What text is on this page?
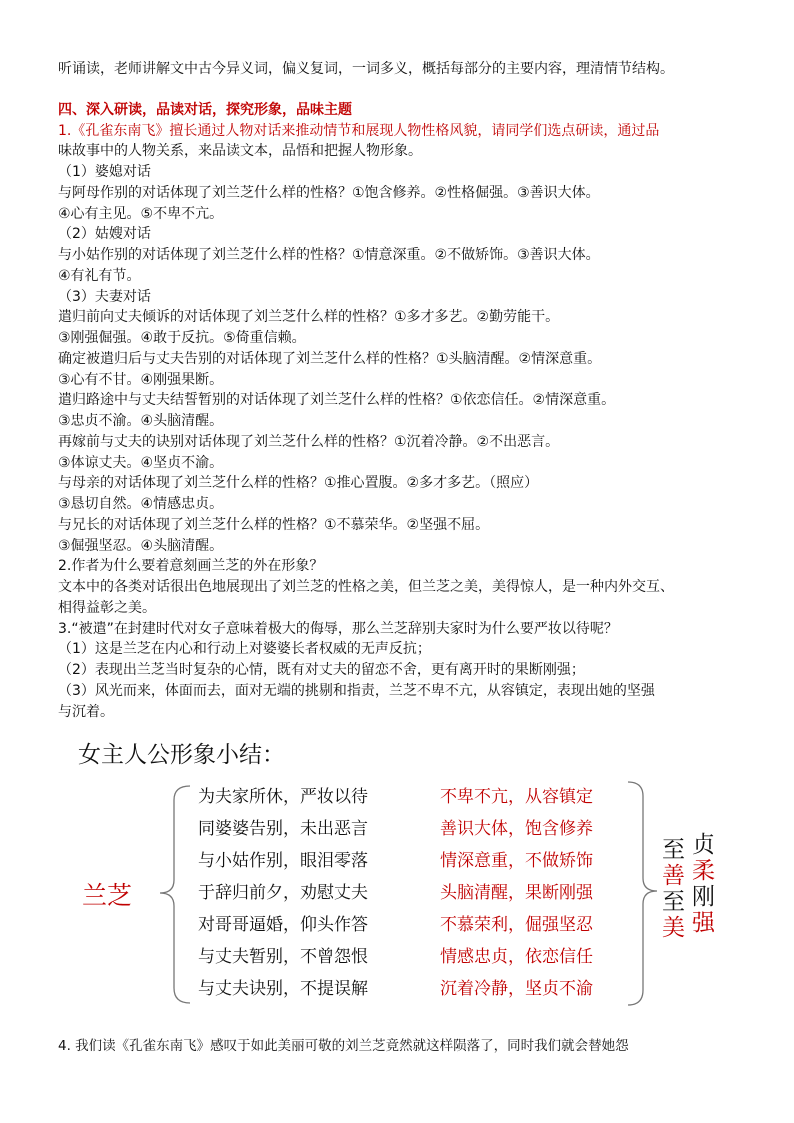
听诵读，老师讲解文中古今异义词，偏义复词，一词多义，概括每部分的主要内容，理清情节结构。
四、深入研读，品读对话，探究形象，品味主题
1.《孔雀东南飞》擅长通过人物对话来推动情节和展现人物性格风貌，请同学们选点研读，通过品
味故事中的人物关系，来品读文本，品悟和把握人物形象。
（1）婆媳对话
与阿母作别的对话体现了刘兰芝什么样的性格？①饱含修养。②性格倔强。③善识大体。
④心有主见。⑤不卑不亢。
（2）姑嫂对话
与小姑作别的对话体现了刘兰芝什么样的性格？①情意深重。②不做矫饰。③善识大体。
④有礼有节。
（3）夫妻对话
遣归前向丈夫倾诉的对话体现了刘兰芝什么样的性格？①多才多艺。②勤劳能干。
③刚强倔强。④敢于反抗。⑤倚重信赖。
确定被遣归后与丈夫告别的对话体现了刘兰芝什么样的性格？①头脑清醒。②情深意重。
③心有不甘。④刚强果断。
遣归路途中与丈夫结誓暂别的对话体现了刘兰芝什么样的性格？①依恋信任。②情深意重。
③忠贞不渝。④头脑清醒。
再嫁前与丈夫的诀别对话体现了刘兰芝什么样的性格？①沉着冷静。②不出恶言。
③体谅丈夫。④坚贞不渝。
与母亲的对话体现了刘兰芝什么样的性格？①推心置腹。②多才多艺。（照应）
③恳切自然。④情感忠贞。
与兄长的对话体现了刘兰芝什么样的性格？①不慕荣华。②坚强不屈。
③倔强坚忍。④头脑清醒。
2.作者为什么要着意刻画兰芝的外在形象？
文本中的各类对话很出色地展现出了刘兰芝的性格之美，但兰芝之美，美得惊人，是一种内外交互、
相得益彰之美。
3.“被遣”在封建时代对女子意味着极大的侮辱，那么兰芝辞别夫家时为什么要严妆以待呢？
（1）这是兰芝在内心和行动上对婆婆长者权威的无声反抗；
（2）表现出兰芝当时复杂的心情，既有对丈夫的留恋不舍，更有离开时的果断刚强；
（3）风光而来，体面而去，面对无端的挑剔和指责，兰芝不卑不亢，从容镇定，表现出她的坚强
与沉着。
女主人公形象小结：
兰芝
为夫家所休，严妆以待
同婆婆告别，未出恶言
与小姑作别，眼泪零落
于辞归前夕，劝慰丈夫
对哥哥逼婚，仰头作答
与丈夫暂别，不曾怨恨
与丈夫诀别，不提误解
不卑不亢，从容镇定
善识大体，饱含修养
情深意重，不做矫饰
头脑清醒，果断刚强
不慕荣利，倔强坚忍
情感忠贞，依恋信任
沉着冷静，坚贞不渝
至
善
至
美
贞
柔
刚
强
4. 我们读《孔雀东南飞》感叹于如此美丽可敬的刘兰芝竟然就这样陨落了，同时我们就会替她怨
